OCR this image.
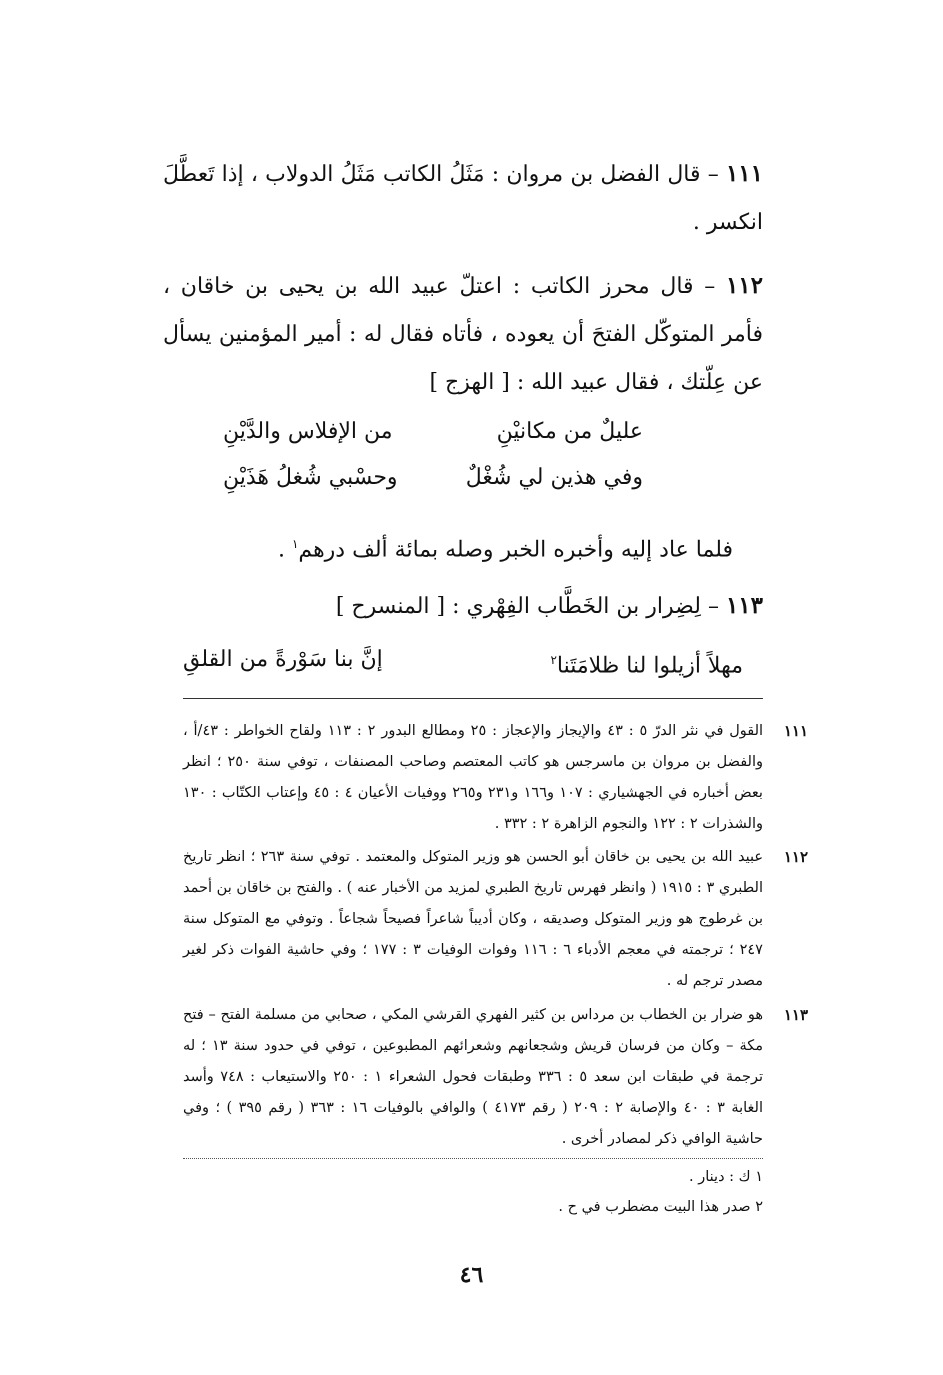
١١١ – قال الفضل بن مروان : مَثَلُ الكاتب مَثَلُ الدولاب ، إذا تَعطَّلَ انكسر .
١١٢ – قال محرز الكاتب : اعتلّ عبيد الله بن يحيى بن خاقان ، فأمر المتوكّل الفتحَ أن يعوده ، فأتاه فقال له : أمير المؤمنين يسأل عن عِلّتك ، فقال عبيد الله : [ الهزج ]
عليلٌ من مكانيْنِ
من الإفلاس والدَّيْنِ
وفي هذين لي شُغْلٌ
وحسْبي شُغلُ هَذَيْنِ
فلما عاد إليه وأخبره الخبر وصله بمائة ألف درهم$^١$ .
١١٣ – لِضِرار بن الخَطَّاب الفِهْري : [ المنسرح ]
مهلاً أزيلوا لنا ظلامَتَنا$^٢$
إنَّ بنا سَوْرةً من القلقِ
١١١
القول في نثر الدرّ ٥ : ٤٣ والإيجاز والإعجاز : ٢٥ ومطالع البدور ٢ : ١١٣ ولقاح الخواطر : ٤٣/أ ، والفضل بن مروان بن ماسرجس هو كاتب المعتصم وصاحب المصنفات ، توفي سنة ٢٥٠ ؛ انظر بعض أخباره في الجهشياري : ١٠٧ و١٦٦ و٢٣١ و٢٦٥ ووفيات الأعيان ٤ : ٤٥ وإعتاب الكتّاب : ١٣٠ والشذرات ٢ : ١٢٢ والنجوم الزاهرة ٢ : ٣٣٢ .
١١٢
عبيد الله بن يحيى بن خاقان أبو الحسن هو وزير المتوكل والمعتمد . توفي سنة ٢٦٣ ؛ انظر تاريخ الطبري ٣ : ١٩١٥ ( وانظر فهرس تاريخ الطبري لمزيد من الأخبار عنه ) . والفتح بن خاقان بن أحمد بن غرطوج هو وزير المتوكل وصديقه ، وكان أديباً شاعراً فصيحاً شجاعاً . وتوفي مع المتوكل سنة ٢٤٧ ؛ ترجمته في معجم الأدباء ٦ : ١١٦ وفوات الوفيات ٣ : ١٧٧ ؛ وفي حاشية الفوات ذكر لغير مصدر ترجم له .
١١٣
هو ضرار بن الخطاب بن مرداس بن كثير الفهري القرشي المكي ، صحابي من مسلمة الفتح – فتح مكة – وكان من فرسان قريش وشجعانهم وشعرائهم المطبوعين ، توفي في حدود سنة ١٣ ؛ له ترجمة في طبقات ابن سعد ٥ : ٣٣٦ وطبقات فحول الشعراء ١ : ٢٥٠ والاستيعاب : ٧٤٨ وأسد الغابة ٣ : ٤٠ والإصابة ٢ : ٢٠٩ ( رقم ٤١٧٣ ) والوافي بالوفيات ١٦ : ٣٦٣ ( رقم ٣٩٥ ) ؛ وفي حاشية الوافي ذكر لمصادر أخرى .
١ ك : دينار .
٢ صدر هذا البيت مضطرب في ح .
٤٦
